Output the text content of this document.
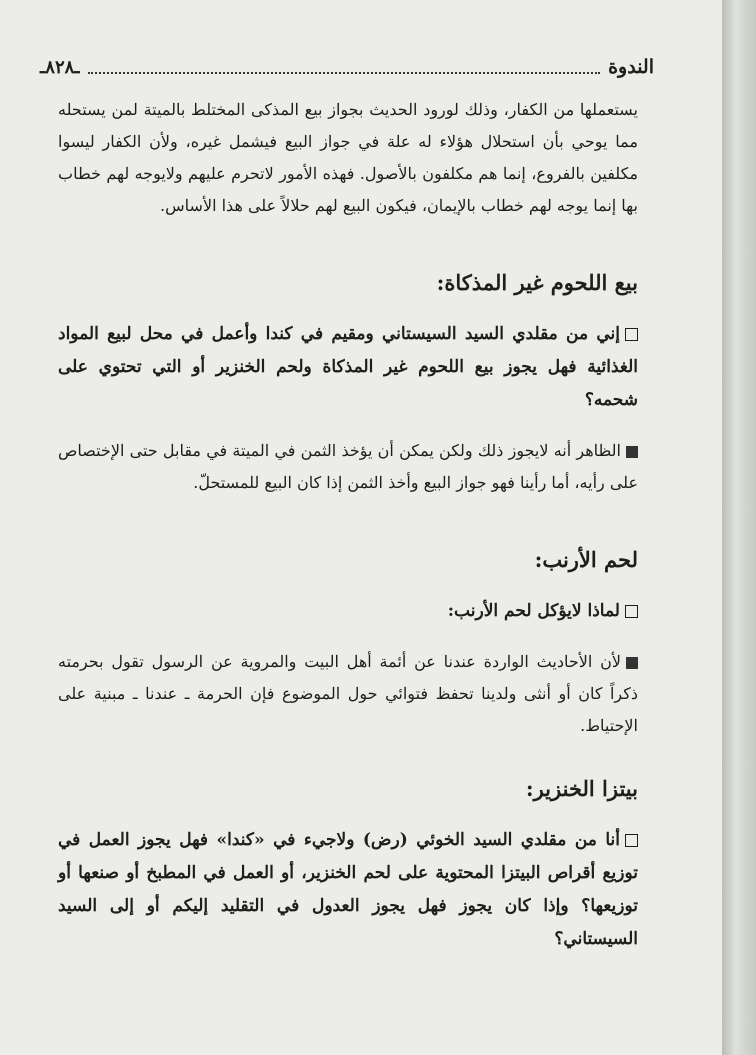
الندوة
ـ٨٢٨ـ

يستعملها من الكفار، وذلك لورود الحديث بجواز بيع المذكى المختلط بالميتة لمن يستحله مما يوحي بأن استحلال هؤلاء له علة في جواز البيع فيشمل غيره، ولأن الكفار ليسوا مكلفين بالفروع، إنما هم مكلفون بالأصول. فهذه الأمور لاتحرم عليهم ولايوجه لهم خطاب بها إنما يوجه لهم خطاب بالإيمان، فيكون البيع لهم حلالاً على هذا الأساس.

بيع اللحوم غير المذكاة:

إني من مقلدي السيد السيستاني ومقيم في كندا وأعمل في محل لبيع المواد الغذائية فهل يجوز بيع اللحوم غير المذكاة ولحم الخنزير أو التي تحتوي على شحمه؟

الظاهر أنه لايجوز ذلك ولكن يمكن أن يؤخذ الثمن في الميتة في مقابل حتى الإختصاص على رأيه، أما رأينا فهو جواز البيع وأخذ الثمن إذا كان البيع للمستحلّ.

لحم الأرنب:

لماذا لايؤكل لحم الأرنب:

لأن الأحاديث الواردة عندنا عن أئمة أهل البيت والمروية عن الرسول تقول بحرمته ذكراً كان أو أنثى ولدينا تحفظ فتوائي حول الموضوع فإن الحرمة ـ عندنا ـ مبنية على الإحتياط.

بيتزا الخنزير:

أنا من مقلدي السيد الخوئي (رض) ولاجيء في «كندا» فهل يجوز العمل في توزيع أقراص البيتزا المحتوية على لحم الخنزير، أو العمل في المطبخ أو صنعها أو توزيعها؟ وإذا كان يجوز فهل يجوز العدول في التقليد إليكم أو إلى السيد السيستاني؟
